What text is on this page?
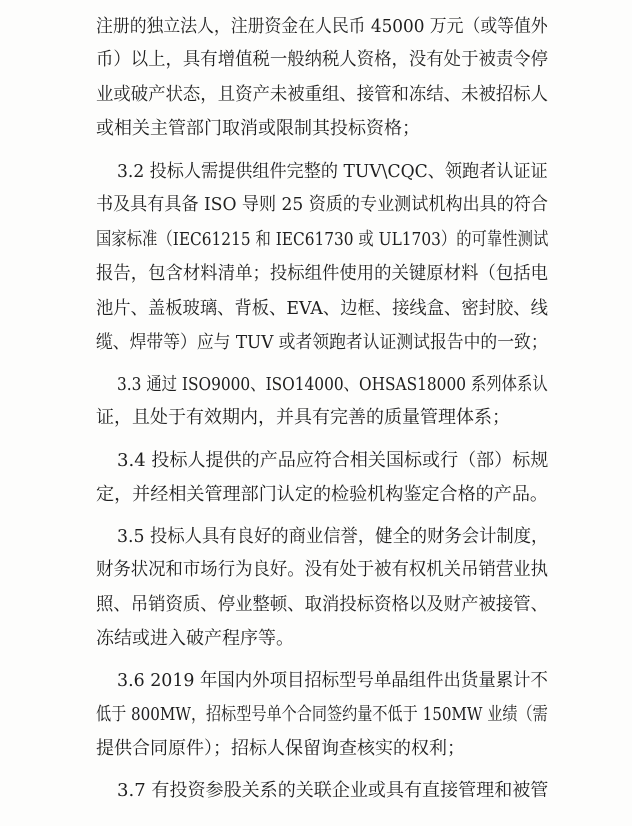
注册的独立法人，注册资金在人民币 45000 万元（或等值外
币）以上，具有增值税一般纳税人资格，没有处于被责令停
业或破产状态，且资产未被重组、接管和冻结、未被招标人
或相关主管部门取消或限制其投标资格；
3.2 投标人需提供组件完整的 TUV\CQC、领跑者认证证
书及具有具备 ISO 导则 25 资质的专业测试机构出具的符合
国家标准（IEC61215 和 IEC61730 或 UL1703）的可靠性测试
报告，包含材料清单；投标组件使用的关键原材料（包括电
池片、盖板玻璃、背板、EVA、边框、接线盒、密封胶、线
缆、焊带等）应与 TUV 或者领跑者认证测试报告中的一致；
3.3 通过 ISO9000、ISO14000、OHSAS18000 系列体系认
证，且处于有效期内，并具有完善的质量管理体系；
3.4 投标人提供的产品应符合相关国标或行（部）标规
定，并经相关管理部门认定的检验机构鉴定合格的产品。
3.5 投标人具有良好的商业信誉，健全的财务会计制度，
财务状况和市场行为良好。没有处于被有权机关吊销营业执
照、吊销资质、停业整顿、取消投标资格以及财产被接管、
冻结或进入破产程序等。
3.6 2019 年国内外项目招标型号单晶组件出货量累计不
低于 800MW，招标型号单个合同签约量不低于 150MW 业绩（需
提供合同原件）；招标人保留询查核实的权利；
3.7 有投资参股关系的关联企业或具有直接管理和被管
